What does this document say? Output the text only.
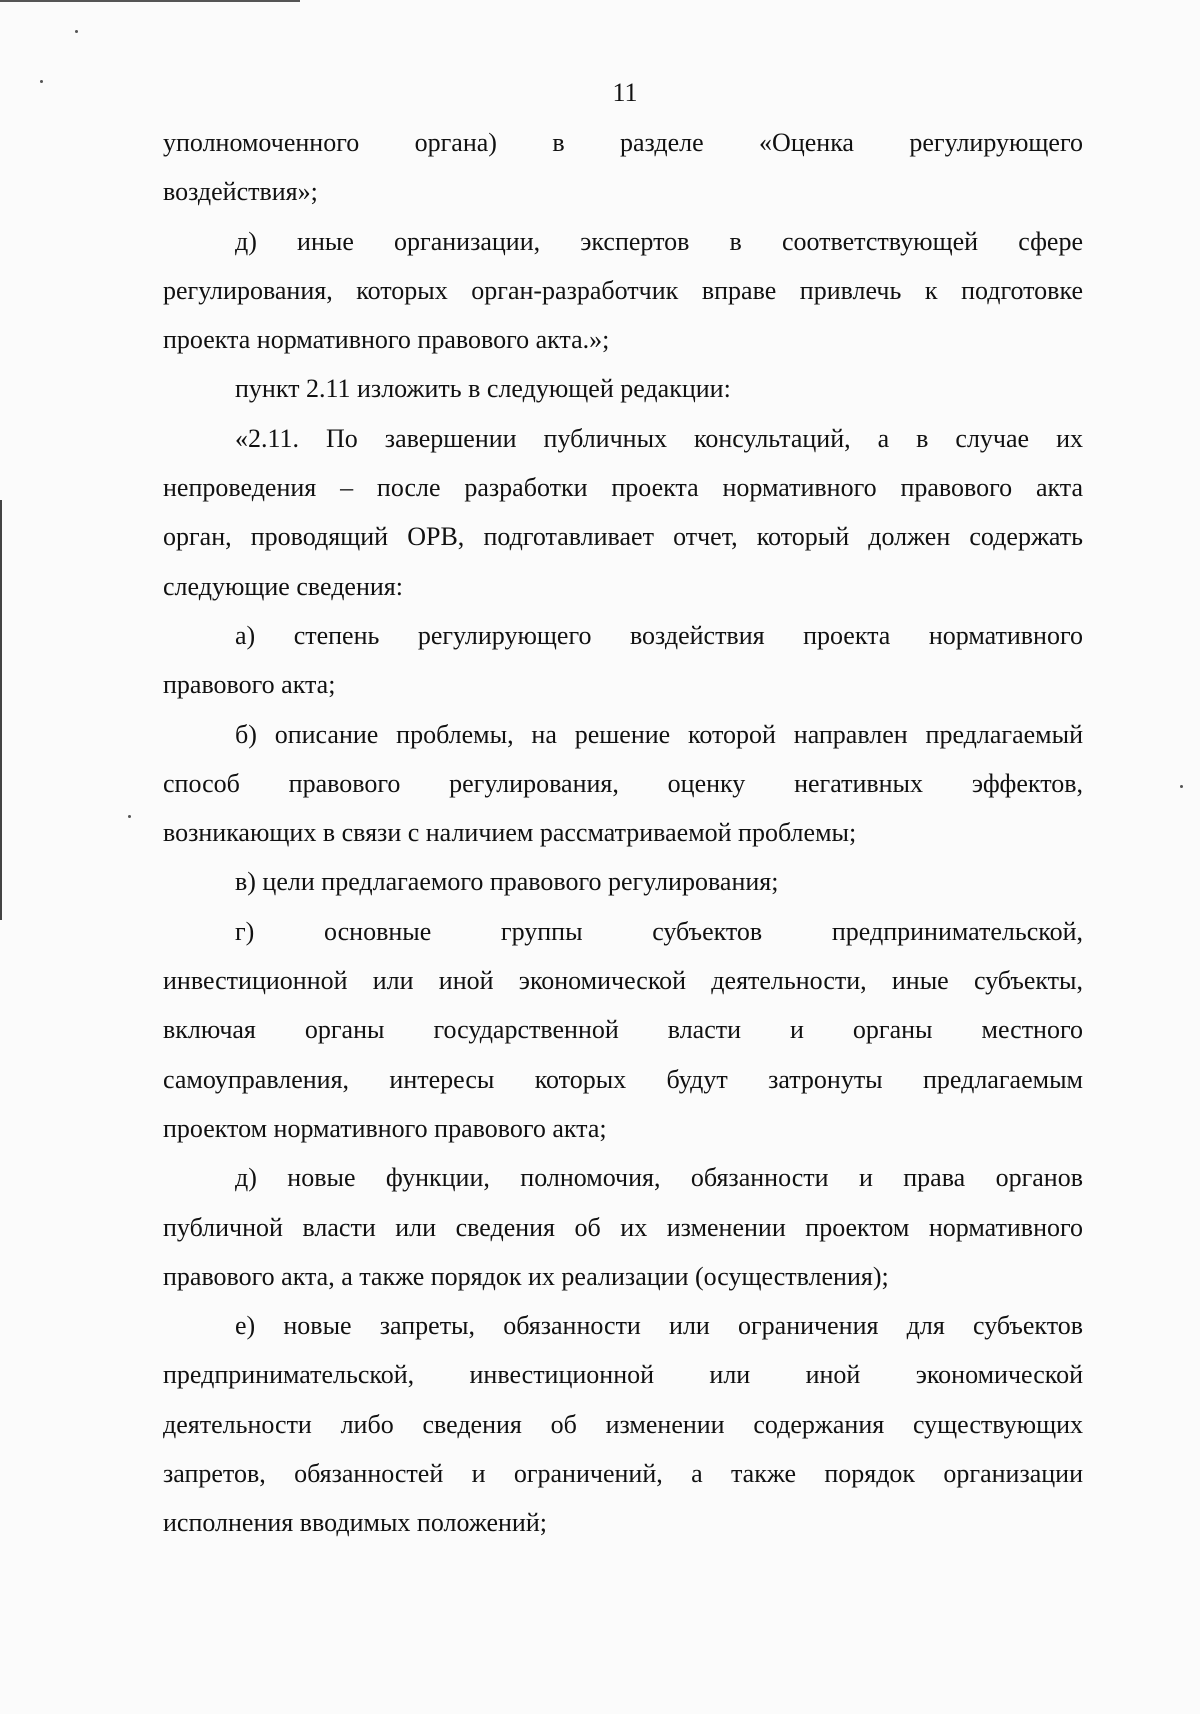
11
уполномоченного органа) в разделе «Оценка регулирующего
воздействия»;
д) иные организации, экспертов в соответствующей сфере
регулирования, которых орган-разработчик вправе привлечь к подготовке
проекта нормативного правового акта.»;
пункт 2.11 изложить в следующей редакции:
«2.11. По завершении публичных консультаций, а в случае их
непроведения – после разработки проекта нормативного правового акта
орган, проводящий ОРВ, подготавливает отчет, который должен содержать
следующие сведения:
а) степень регулирующего воздействия проекта нормативного
правового акта;
б) описание проблемы, на решение которой направлен предлагаемый
способ правового регулирования, оценку негативных эффектов,
возникающих в связи с наличием рассматриваемой проблемы;
в) цели предлагаемого правового регулирования;
г) основные группы субъектов предпринимательской,
инвестиционной или иной экономической деятельности, иные субъекты,
включая органы государственной власти и органы местного
самоуправления, интересы которых будут затронуты предлагаемым
проектом нормативного правового акта;
д) новые функции, полномочия, обязанности и права органов
публичной власти или сведения об их изменении проектом нормативного
правового акта, а также порядок их реализации (осуществления);
е) новые запреты, обязанности или ограничения для субъектов
предпринимательской, инвестиционной или иной экономической
деятельности либо сведения об изменении содержания существующих
запретов, обязанностей и ограничений, а также порядок организации
исполнения вводимых положений;
